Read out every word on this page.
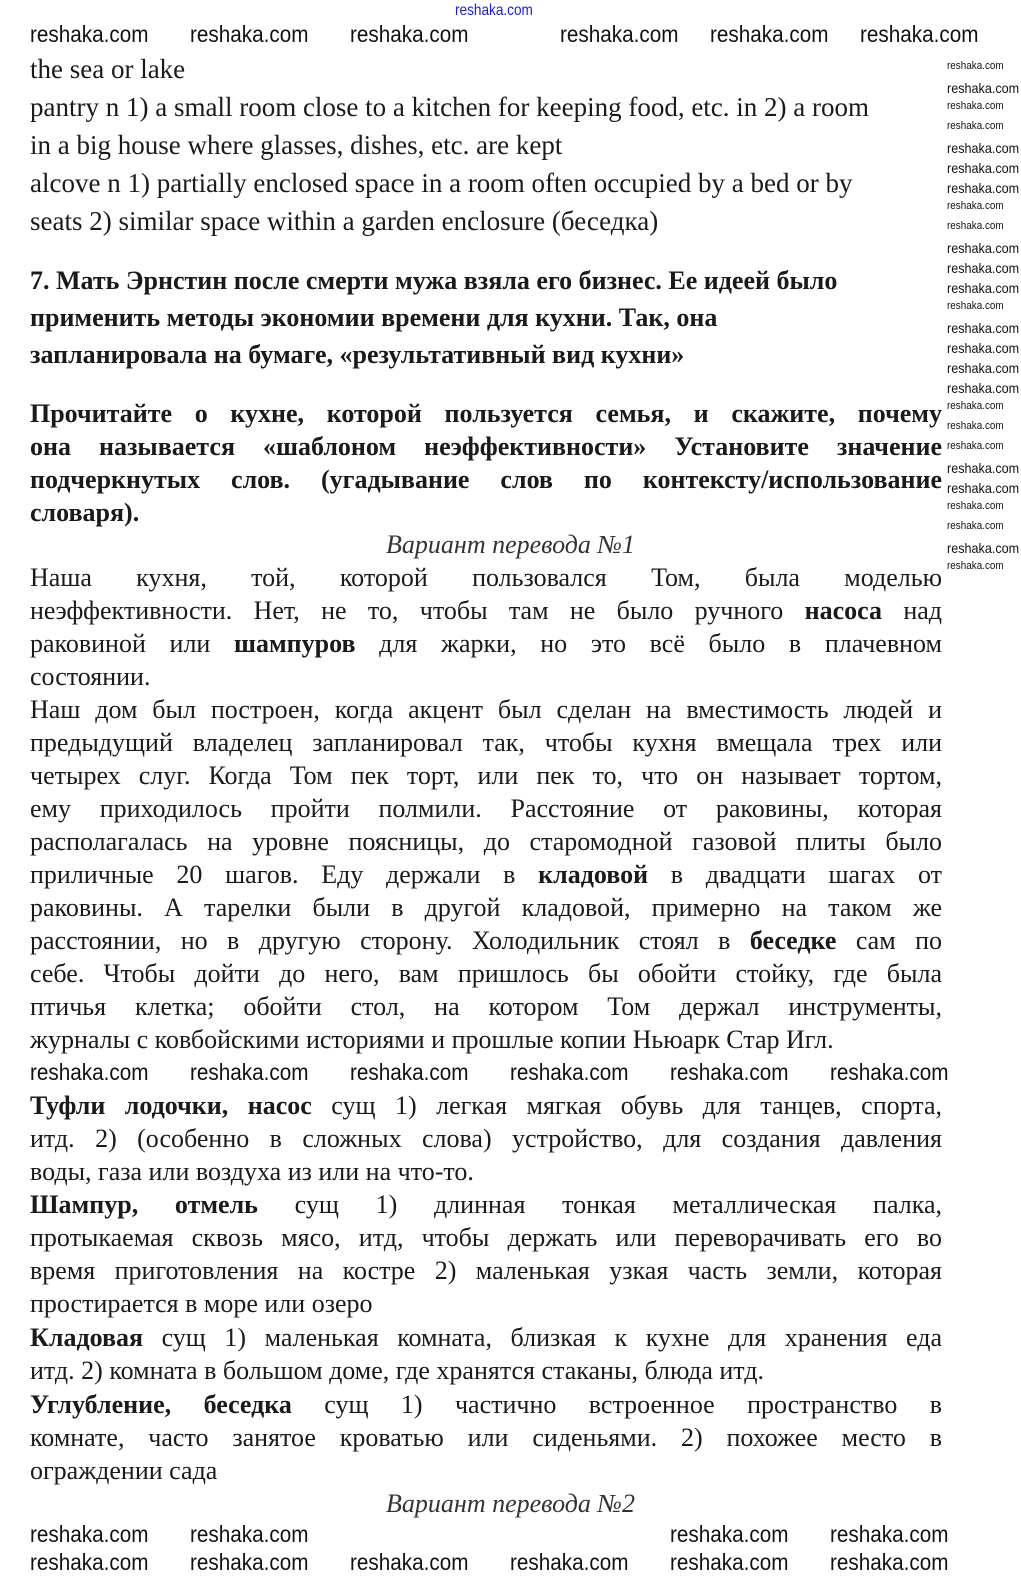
reshaka.com
the sea or lake
pantry n 1) a small room close to a kitchen for keeping food, etc. in 2) a room
in a big house where glasses, dishes, etc. are kept
alcove n 1) partially enclosed space in a room often occupied by a bed or by
seats 2) similar space within a garden enclosure (беседка)
7. Мать Эрнстин после смерти мужа взяла его бизнес. Ее идеей было
применить методы экономии времени для кухни. Так, она
запланировала на бумаге, «результативный вид кухни»
Прочитайте о кухне, которой пользуется семья, и скажите, почему
она называется «шаблоном неэффективности» Установите значение
подчеркнутых слов. (угадывание слов по контексту/использование
словаря).
Вариант перевода №1
Наша кухня, той, которой пользовался Том, была моделью
неэффективности. Нет, не то, чтобы там не было ручного насоса над
раковиной или шампуров для жарки, но это всё было в плачевном
состоянии.
Наш дом был построен, когда акцент был сделан на вместимость людей и
предыдущий владелец запланировал так, чтобы кухня вмещала трех или
четырех слуг. Когда Том пек торт, или пек то, что он называет тортом,
ему приходилось пройти полмили. Расстояние от раковины, которая
располагалась на уровне поясницы, до старомодной газовой плиты было
приличные 20 шагов. Еду держали в кладовой в двадцати шагах от
раковины. А тарелки были в другой кладовой, примерно на таком же
расстоянии, но в другую сторону. Холодильник стоял в беседке сам по
себе. Чтобы дойти до него, вам пришлось бы обойти стойку, где была
птичья клетка; обойти стол, на котором Том держал инструменты,
журналы с ковбойскими историями и прошлые копии Ньюарк Стар Игл.
Туфли лодочки, насос сущ 1) легкая мягкая обувь для танцев, спорта,
итд. 2) (особенно в сложных слова) устройство, для создания давления
воды, газа или воздуха из или на что-то.
Шампур, отмель сущ 1) длинная тонкая металлическая палка,
протыкаемая сквозь мясо, итд, чтобы держать или переворачивать его во
время приготовления на костре 2) маленькая узкая часть земли, которая
простирается в море или озеро
Кладовая сущ 1) маленькая комната, близкая к кухне для хранения еда
итд. 2) комната в большом доме, где хранятся стаканы, блюда итд.
Углубление, беседка сущ 1) частично встроенное пространство в
комнате, часто занятое кроватью или сиденьями. 2) похожее место в
ограждении сада
Вариант перевода №2
reshaka.com reshaka.com reshaka.com	reshaka.com reshaka.com reshaka.com
reshaka.com reshaka.com reshaka.com reshaka.com reshaka.com reshaka.com
reshaka.com reshaka.com	reshaka.com reshaka.com
reshaka.com reshaka.com reshaka.com reshaka.com reshaka.com reshaka.com
reshaka.com
reshaka.com
reshaka.com
reshaka.com
reshaka.com
reshaka.com
reshaka.com
reshaka.com
reshaka.com
reshaka.com
reshaka.com
reshaka.com
reshaka.com
reshaka.com
reshaka.com
reshaka.com
reshaka.com
reshaka.com
reshaka.com
reshaka.com
reshaka.com
reshaka.com
reshaka.com
reshaka.com
reshaka.com
reshaka.com
